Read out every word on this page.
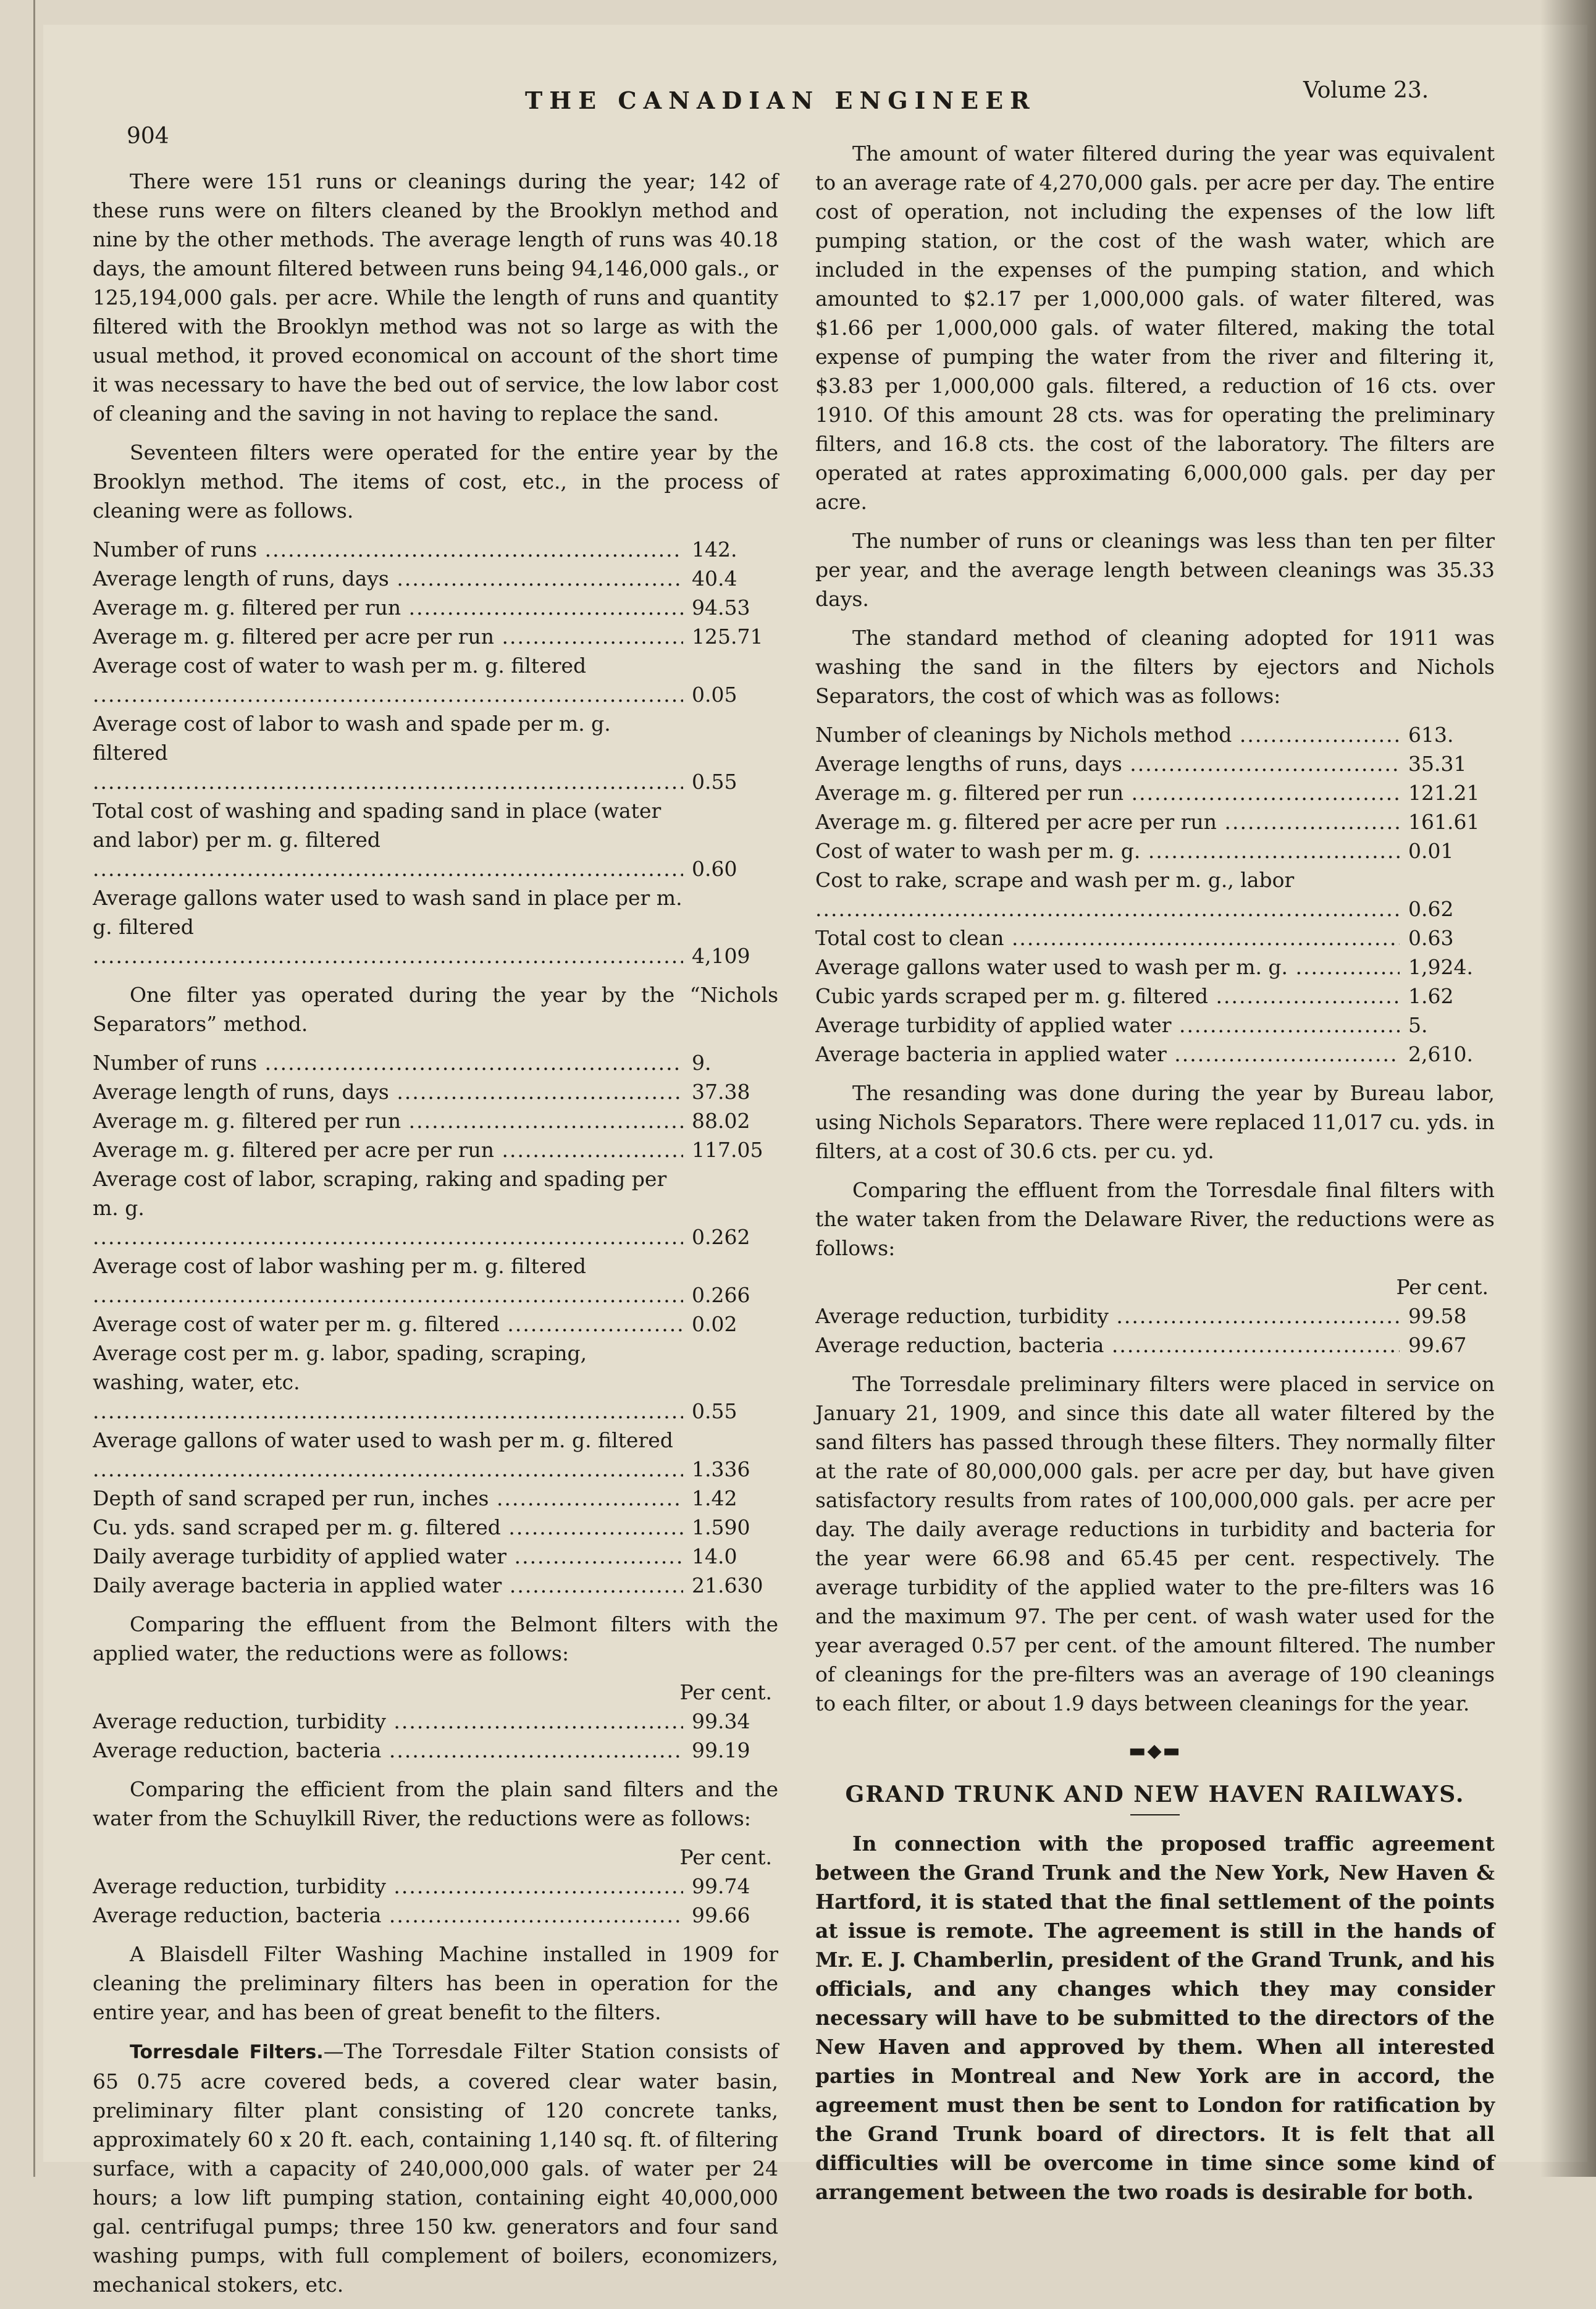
904
THE CANADIAN ENGINEER	Volume 23.

There were 151 runs or cleanings during the year; 142 of these runs were on filters cleaned by the Brooklyn method and nine by the other methods. The average length of runs was 40.18 days, the amount filtered between runs being 94,146,000 gals., or 125,194,000 gals. per acre. While the length of runs and quantity filtered with the Brooklyn method was not so large as with the usual method, it proved economical on account of the short time it was necessary to have the bed out of service, the low labor cost of cleaning and the saving in not having to replace the sand.

Seventeen filters were operated for the entire year by the Brooklyn method. The items of cost, etc., in the process of cleaning were as follows.

Number of runs .....	142.
Average length of runs, days .....	40.4
Average m. g. filtered per run .....	94.53
Average m. g. filtered per acre per run .....	125.71
Average cost of water to wash per m. g. filtered .....
0.05
Average cost of labor to wash and spade per m. g. filtered .....
0.55
Total cost of washing and spading sand in place (water and labor) per m. g. filtered .....
0.60
Average gallons water used to wash sand in place per m. g. filtered .....
4,109

One filter yas operated during the year by the “Nichols Separators” method.

Number of runs .....	9.
Average length of runs, days .....	37.38
Average m. g. filtered per run .....	88.02
Average m. g. filtered per acre per run .....	117.05
Average cost of labor, scraping, raking and spading per m. g. .....
0.262
Average cost of labor washing per m. g. filtered .....
0.266
Average cost of water per m. g. filtered .....	0.02
Average cost per m. g. labor, spading, scraping, washing, water, etc. .....
0.55
Average gallons of water used to wash per m. g. filtered .....
1.336
Depth of sand scraped per run, inches .....	1.42
Cu. yds. sand scraped per m. g. filtered .....	1.590
Daily average turbidity of applied water .....	14.0
Daily average bacteria in applied water .....	21.630

Comparing the effluent from the Belmont filters with the applied water, the reductions were as follows:

Per cent.
Average reduction, turbidity .....	99.34
Average reduction, bacteria .....	99.19

Comparing the efficient from the plain sand filters and the water from the Schuylkill River, the reductions were as follows:

Per cent.
Average reduction, turbidity .....	99.74
Average reduction, bacteria .....	99.66

A Blaisdell Filter Washing Machine installed in 1909 for cleaning the preliminary filters has been in operation for the entire year, and has been of great benefit to the filters.

Torresdale Filters.—The Torresdale Filter Station consists of 65 0.75 acre covered beds, a covered clear water basin, preliminary filter plant consisting of 120 concrete tanks, approximately 60 x 20 ft. each, containing 1,140 sq. ft. of filtering surface, with a capacity of 240,000,000 gals. of water per 24 hours; a low lift pumping station, containing eight 40,000,000 gal. centrifugal pumps; three 150 kw. generators and four sand washing pumps, with full complement of boilers, economizers, mechanical stokers, etc.

The amount of water filtered during the year was equivalent to an average rate of 4,270,000 gals. per acre per day. The entire cost of operation, not including the expenses of the low lift pumping station, or the cost of the wash water, which are included in the expenses of the pumping station, and which amounted to $2.17 per 1,000,000 gals. of water filtered, was $1.66 per 1,000,000 gals. of water filtered, making the total expense of pumping the water from the river and filtering it, $3.83 per 1,000,000 gals. filtered, a reduction of 16 cts. over 1910. Of this amount 28 cts. was for operating the preliminary filters, and 16.8 cts. the cost of the laboratory. The filters are operated at rates approximating 6,000,000 gals. per day per acre.

The number of runs or cleanings was less than ten per filter per year, and the average length between cleanings was 35.33 days.

The standard method of cleaning adopted for 1911 was washing the sand in the filters by ejectors and Nichols Separators, the cost of which was as follows:

Number of cleanings by Nichols method .....	613.
Average lengths of runs, days .....	35.31
Average m. g. filtered per run .....	121.21
Average m. g. filtered per acre per run .....	161.61
Cost of water to wash per m. g. .....	0.01
Cost to rake, scrape and wash per m. g., labor .....
0.62
Total cost to clean .....	0.63
Average gallons water used to wash per m. g. .....	1,924.
Cubic yards scraped per m. g. filtered .....	1.62
Average turbidity of applied water .....	5.
Average bacteria in applied water .....	2,610.

The resanding was done during the year by Bureau labor, using Nichols Separators. There were replaced 11,017 cu. yds. in filters, at a cost of 30.6 cts. per cu. yd.

Comparing the effluent from the Torresdale final filters with the water taken from the Delaware River, the reductions were as follows:

Per cent.
Average reduction, turbidity .....	99.58
Average reduction, bacteria .....	99.67

The Torresdale preliminary filters were placed in service on January 21, 1909, and since this date all water filtered by the sand filters has passed through these filters. They normally filter at the rate of 80,000,000 gals. per acre per day, but have given satisfactory results from rates of 100,000,000 gals. per acre per day. The daily average reductions in turbidity and bacteria for the year were 66.98 and 65.45 per cent. respectively. The average turbidity of the applied water to the pre-filters was 16 and the maximum 97. The per cent. of wash water used for the year averaged 0.57 per cent. of the amount filtered. The number of cleanings for the pre-filters was an average of 190 cleanings to each filter, or about 1.9 days between cleanings for the year.

▬◆▬
GRAND TRUNK AND NEW HAVEN RAILWAYS.

In connection with the proposed traffic agreement between the Grand Trunk and the New York, New Haven & Hartford, it is stated that the final settlement of the points at issue is remote. The agreement is still in the hands of Mr. E. J. Chamberlin, president of the Grand Trunk, and his officials, and any changes which they may consider necessary will have to be submitted to the directors of the New Haven and approved by them. When all interested parties in Montreal and New York are in accord, the agreement must then be sent to London for ratification by the Grand Trunk board of directors. It is felt that all difficulties will be overcome in time since some kind of arrangement between the two roads is desirable for both.
